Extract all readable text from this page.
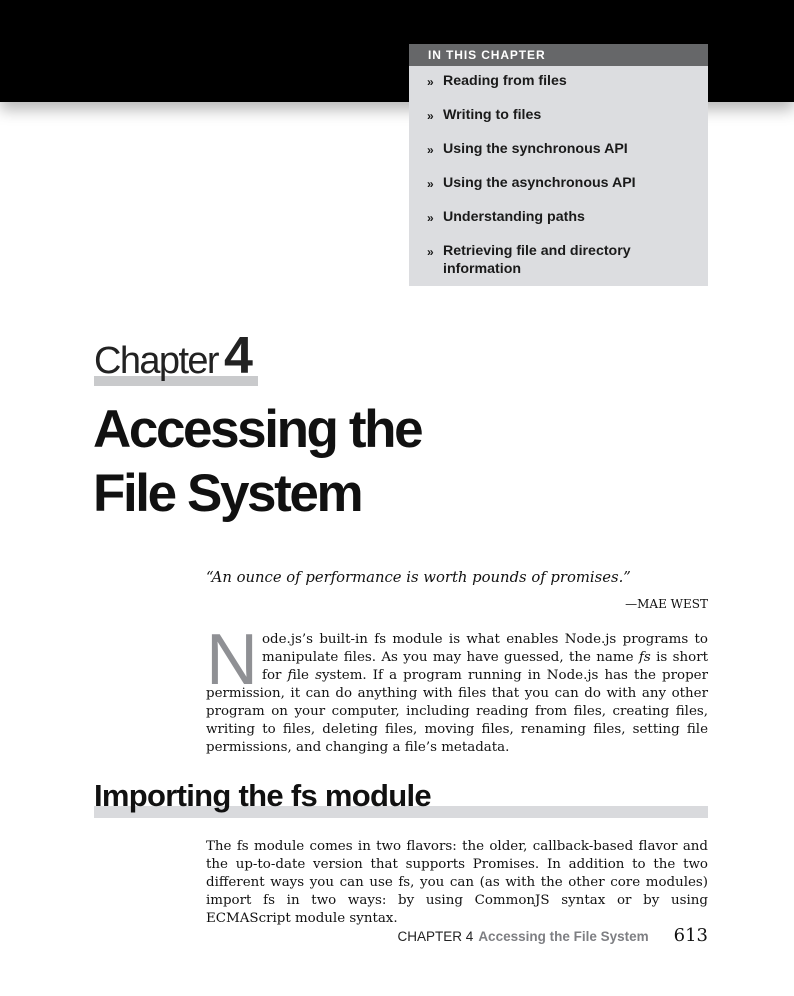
IN THIS CHAPTER
» Reading from files
» Writing to files
» Using the synchronous API
» Using the asynchronous API
» Understanding paths
» Retrieving file and directory information
Chapter 4
Accessing the
File System

“An ounce of performance is worth pounds of promises.”

—MAE WEST

Node.js’s built-in fs module is what enables Node.js programs to manipulate files. As you may have guessed, the name fs is short for file system. If a program running in Node.js has the proper permission, it can do anything with files that you can do with any other program on your computer, including reading from files, creating files, writing to files, deleting files, moving files, renaming files, setting file permissions, and changing a file’s metadata.

Importing the fs module

The fs module comes in two flavors: the older, callback-based flavor and the up-to-date version that supports Promises. In addition to the two different ways you can use fs, you can (as with the other core modules) import fs in two ways: by using CommonJS syntax or by using ECMAScript module syntax.

CHAPTER 4 Accessing the File System 613
